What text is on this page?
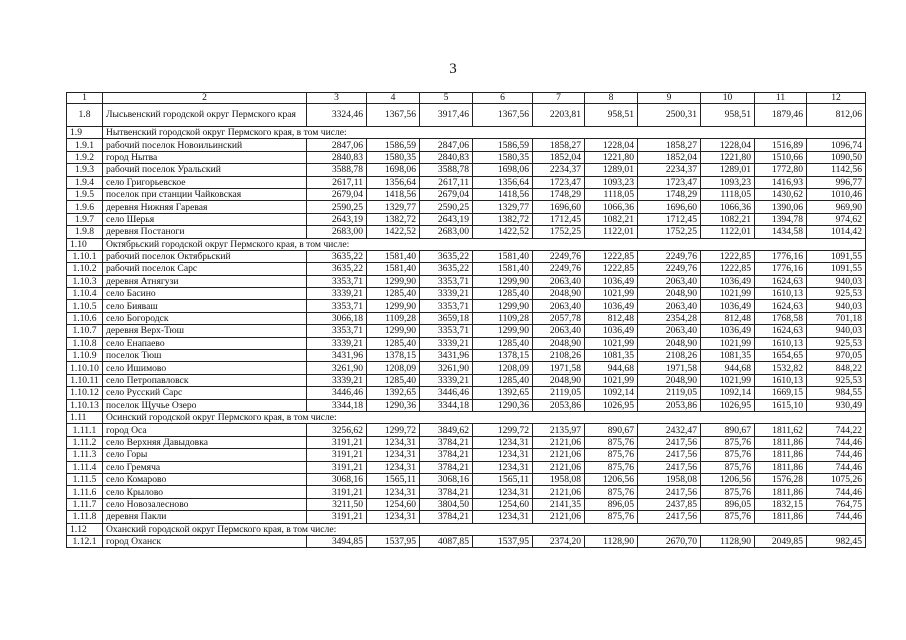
3
1	2	3	4	5	6	7	8	9	10	11	12
1.8	Лысьвенский городской округ Пермского края	3324,46	1367,56	3917,46	1367,56	2203,81	958,51	2500,31	958,51	1879,46	812,06
1.9	Нытвенский городской округ Пермского края, в том числе:										
1.9.1	рабочий поселок Новоильинский	2847,06	1586,59	2847,06	1586,59	1858,27	1228,04	1858,27	1228,04	1516,89	1096,74
1.9.2	город Нытва	2840,83	1580,35	2840,83	1580,35	1852,04	1221,80	1852,04	1221,80	1510,66	1090,50
1.9.3	рабочий поселок Уральский	3588,78	1698,06	3588,78	1698,06	2234,37	1289,01	2234,37	1289,01	1772,80	1142,56
1.9.4	село Григорьевское	2617,11	1356,64	2617,11	1356,64	1723,47	1093,23	1723,47	1093,23	1416,93	996,77
1.9.5	поселок при станции Чайковская	2679,04	1418,56	2679,04	1418,56	1748,29	1118,05	1748,29	1118,05	1430,62	1010,46
1.9.6	деревня Нижняя Гаревая	2590,25	1329,77	2590,25	1329,77	1696,60	1066,36	1696,60	1066,36	1390,06	969,90
1.9.7	село Шерья	2643,19	1382,72	2643,19	1382,72	1712,45	1082,21	1712,45	1082,21	1394,78	974,62
1.9.8	деревня Постаноги	2683,00	1422,52	2683,00	1422,52	1752,25	1122,01	1752,25	1122,01	1434,58	1014,42
1.10	Октябрьский городской округ Пермского края, в том числе:										
1.10.1	рабочий поселок Октябрьский	3635,22	1581,40	3635,22	1581,40	2249,76	1222,85	2249,76	1222,85	1776,16	1091,55
1.10.2	рабочий поселок Сарс	3635,22	1581,40	3635,22	1581,40	2249,76	1222,85	2249,76	1222,85	1776,16	1091,55
1.10.3	деревня Атнягузи	3353,71	1299,90	3353,71	1299,90	2063,40	1036,49	2063,40	1036,49	1624,63	940,03
1.10.4	село Басино	3339,21	1285,40	3339,21	1285,40	2048,90	1021,99	2048,90	1021,99	1610,13	925,53
1.10.5	село Бияваш	3353,71	1299,90	3353,71	1299,90	2063,40	1036,49	2063,40	1036,49	1624,63	940,03
1.10.6	село Богородск	3066,18	1109,28	3659,18	1109,28	2057,78	812,48	2354,28	812,48	1768,58	701,18
1.10.7	деревня Верх-Тюш	3353,71	1299,90	3353,71	1299,90	2063,40	1036,49	2063,40	1036,49	1624,63	940,03
1.10.8	село Енапаево	3339,21	1285,40	3339,21	1285,40	2048,90	1021,99	2048,90	1021,99	1610,13	925,53
1.10.9	поселок Тюш	3431,96	1378,15	3431,96	1378,15	2108,26	1081,35	2108,26	1081,35	1654,65	970,05
1.10.10	село Ишимово	3261,90	1208,09	3261,90	1208,09	1971,58	944,68	1971,58	944,68	1532,82	848,22
1.10.11	село Петропавловск	3339,21	1285,40	3339,21	1285,40	2048,90	1021,99	2048,90	1021,99	1610,13	925,53
1.10.12	село Русский Сарс	3446,46	1392,65	3446,46	1392,65	2119,05	1092,14	2119,05	1092,14	1669,15	984,55
1.10.13	поселок Щучье Озеро	3344,18	1290,36	3344,18	1290,36	2053,86	1026,95	2053,86	1026,95	1615,10	930,49
1.11	Осинский городской округ Пермского края, в том числе:										
1.11.1	город Оса	3256,62	1299,72	3849,62	1299,72	2135,97	890,67	2432,47	890,67	1811,62	744,22
1.11.2	село Верхняя Давыдовка	3191,21	1234,31	3784,21	1234,31	2121,06	875,76	2417,56	875,76	1811,86	744,46
1.11.3	село Горы	3191,21	1234,31	3784,21	1234,31	2121,06	875,76	2417,56	875,76	1811,86	744,46
1.11.4	село Гремяча	3191,21	1234,31	3784,21	1234,31	2121,06	875,76	2417,56	875,76	1811,86	744,46
1.11.5	село Комарово	3068,16	1565,11	3068,16	1565,11	1958,08	1206,56	1958,08	1206,56	1576,28	1075,26
1.11.6	село Крылово	3191,21	1234,31	3784,21	1234,31	2121,06	875,76	2417,56	875,76	1811,86	744,46
1.11.7	село Новозалесново	3211,50	1254,60	3804,50	1254,60	2141,35	896,05	2437,85	896,05	1832,15	764,75
1.11.8	деревня Пакли	3191,21	1234,31	3784,21	1234,31	2121,06	875,76	2417,56	875,76	1811,86	744,46
1.12	Оханский городской округ Пермского края, в том числе:										
1.12.1	город Оханск	3494,85	1537,95	4087,85	1537,95	2374,20	1128,90	2670,70	1128,90	2049,85	982,45
